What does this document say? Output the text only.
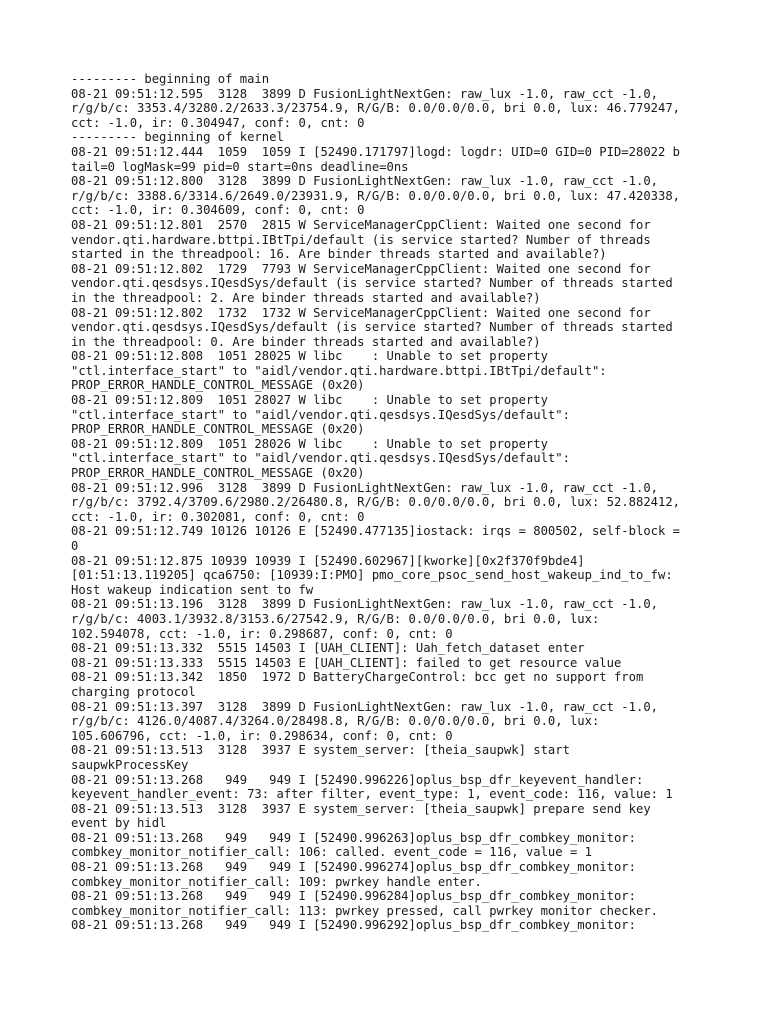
--------- beginning of main
08-21 09:51:12.595  3128  3899 D FusionLightNextGen: raw_lux -1.0, raw_cct -1.0,
r/g/b/c: 3353.4/3280.2/2633.3/23754.9, R/G/B: 0.0/0.0/0.0, bri 0.0, lux: 46.779247,
cct: -1.0, ir: 0.304947, conf: 0, cnt: 0
--------- beginning of kernel
08-21 09:51:12.444  1059  1059 I [52490.171797]logd: logdr: UID=0 GID=0 PID=28022 b
tail=0 logMask=99 pid=0 start=0ns deadline=0ns
08-21 09:51:12.800  3128  3899 D FusionLightNextGen: raw_lux -1.0, raw_cct -1.0,
r/g/b/c: 3388.6/3314.6/2649.0/23931.9, R/G/B: 0.0/0.0/0.0, bri 0.0, lux: 47.420338,
cct: -1.0, ir: 0.304609, conf: 0, cnt: 0
08-21 09:51:12.801  2570  2815 W ServiceManagerCppClient: Waited one second for
vendor.qti.hardware.bttpi.IBtTpi/default (is service started? Number of threads
started in the threadpool: 16. Are binder threads started and available?)
08-21 09:51:12.802  1729  7793 W ServiceManagerCppClient: Waited one second for
vendor.qti.qesdsys.IQesdSys/default (is service started? Number of threads started
in the threadpool: 2. Are binder threads started and available?)
08-21 09:51:12.802  1732  1732 W ServiceManagerCppClient: Waited one second for
vendor.qti.qesdsys.IQesdSys/default (is service started? Number of threads started
in the threadpool: 0. Are binder threads started and available?)
08-21 09:51:12.808  1051 28025 W libc    : Unable to set property
"ctl.interface_start" to "aidl/vendor.qti.hardware.bttpi.IBtTpi/default":
PROP_ERROR_HANDLE_CONTROL_MESSAGE (0x20)
08-21 09:51:12.809  1051 28027 W libc    : Unable to set property
"ctl.interface_start" to "aidl/vendor.qti.qesdsys.IQesdSys/default":
PROP_ERROR_HANDLE_CONTROL_MESSAGE (0x20)
08-21 09:51:12.809  1051 28026 W libc    : Unable to set property
"ctl.interface_start" to "aidl/vendor.qti.qesdsys.IQesdSys/default":
PROP_ERROR_HANDLE_CONTROL_MESSAGE (0x20)
08-21 09:51:12.996  3128  3899 D FusionLightNextGen: raw_lux -1.0, raw_cct -1.0,
r/g/b/c: 3792.4/3709.6/2980.2/26480.8, R/G/B: 0.0/0.0/0.0, bri 0.0, lux: 52.882412,
cct: -1.0, ir: 0.302081, conf: 0, cnt: 0
08-21 09:51:12.749 10126 10126 E [52490.477135]iostack: irqs = 800502, self-block =
0
08-21 09:51:12.875 10939 10939 I [52490.602967][kworke][0x2f370f9bde4]
[01:51:13.119205] qca6750: [10939:I:PMO] pmo_core_psoc_send_host_wakeup_ind_to_fw:
Host wakeup indication sent to fw
08-21 09:51:13.196  3128  3899 D FusionLightNextGen: raw_lux -1.0, raw_cct -1.0,
r/g/b/c: 4003.1/3932.8/3153.6/27542.9, R/G/B: 0.0/0.0/0.0, bri 0.0, lux:
102.594078, cct: -1.0, ir: 0.298687, conf: 0, cnt: 0
08-21 09:51:13.332  5515 14503 I [UAH_CLIENT]: Uah_fetch_dataset enter
08-21 09:51:13.333  5515 14503 E [UAH_CLIENT]: failed to get resource value
08-21 09:51:13.342  1850  1972 D BatteryChargeControl: bcc get no support from
charging protocol
08-21 09:51:13.397  3128  3899 D FusionLightNextGen: raw_lux -1.0, raw_cct -1.0,
r/g/b/c: 4126.0/4087.4/3264.0/28498.8, R/G/B: 0.0/0.0/0.0, bri 0.0, lux:
105.606796, cct: -1.0, ir: 0.298634, conf: 0, cnt: 0
08-21 09:51:13.513  3128  3937 E system_server: [theia_saupwk] start
saupwkProcessKey
08-21 09:51:13.268   949   949 I [52490.996226]oplus_bsp_dfr_keyevent_handler:
keyevent_handler_event: 73: after filter, event_type: 1, event_code: 116, value: 1
08-21 09:51:13.513  3128  3937 E system_server: [theia_saupwk] prepare send key
event by hidl
08-21 09:51:13.268   949   949 I [52490.996263]oplus_bsp_dfr_combkey_monitor:
combkey_monitor_notifier_call: 106: called. event_code = 116, value = 1
08-21 09:51:13.268   949   949 I [52490.996274]oplus_bsp_dfr_combkey_monitor:
combkey_monitor_notifier_call: 109: pwrkey handle enter.
08-21 09:51:13.268   949   949 I [52490.996284]oplus_bsp_dfr_combkey_monitor:
combkey_monitor_notifier_call: 113: pwrkey pressed, call pwrkey monitor checker.
08-21 09:51:13.268   949   949 I [52490.996292]oplus_bsp_dfr_combkey_monitor:
